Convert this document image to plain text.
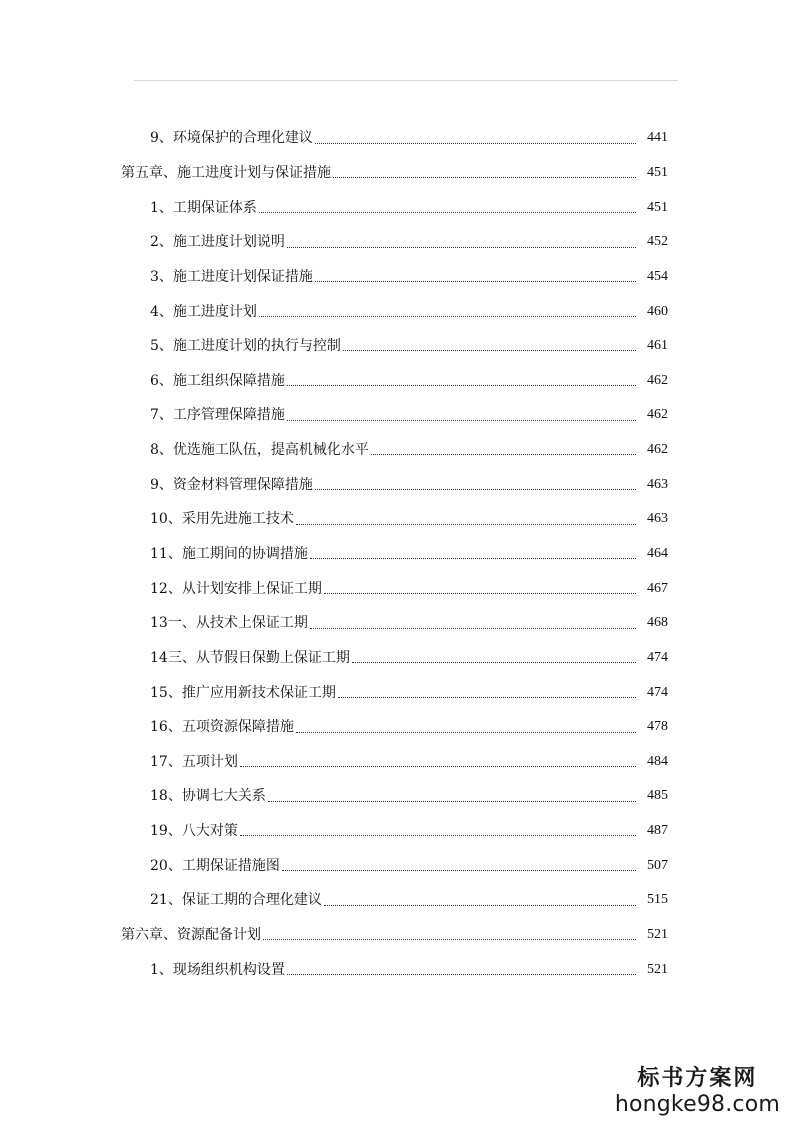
9、环境保护的合理化建议	441
第五章、施工进度计划与保证措施	451
1、工期保证体系	451
2、施工进度计划说明	452
3、施工进度计划保证措施	454
4、施工进度计划	460
5、施工进度计划的执行与控制	461
6、施工组织保障措施	462
7、工序管理保障措施	462
8、优选施工队伍，提高机械化水平	462
9、资金材料管理保障措施	463
10、采用先进施工技术	463
11、施工期间的协调措施	464
12、从计划安排上保证工期	467
13一、从技术上保证工期	468
14三、从节假日保勤上保证工期	474
15、推广应用新技术保证工期	474
16、五项资源保障措施	478
17、五项计划	484
18、协调七大关系	485
19、八大对策	487
20、工期保证措施图	507
21、保证工期的合理化建议	515
第六章、资源配备计划	521
1、现场组织机构设置	521
标书方案网
hongke98.com
